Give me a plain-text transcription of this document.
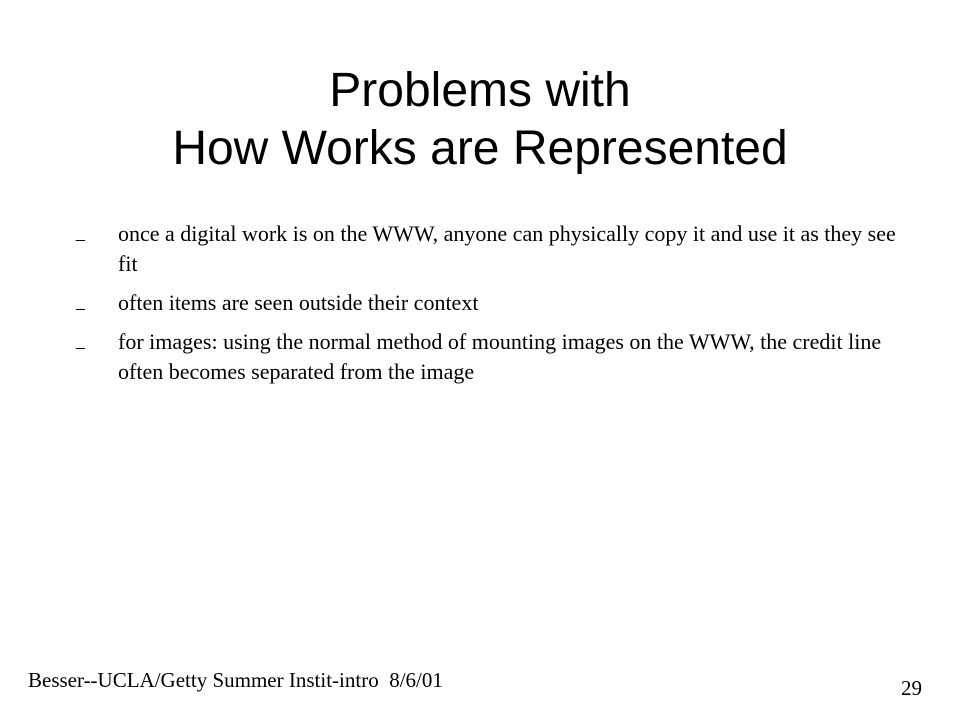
Problems with
How Works are Represented
_	once a digital work is on the WWW, anyone can physically copy it and use it as they see fit
_	often items are seen outside their context
_	for images: using the normal method of mounting images on the WWW, the credit line often becomes separated from the image
Besser--UCLA/Getty Summer Instit-intro  8/6/01	29
